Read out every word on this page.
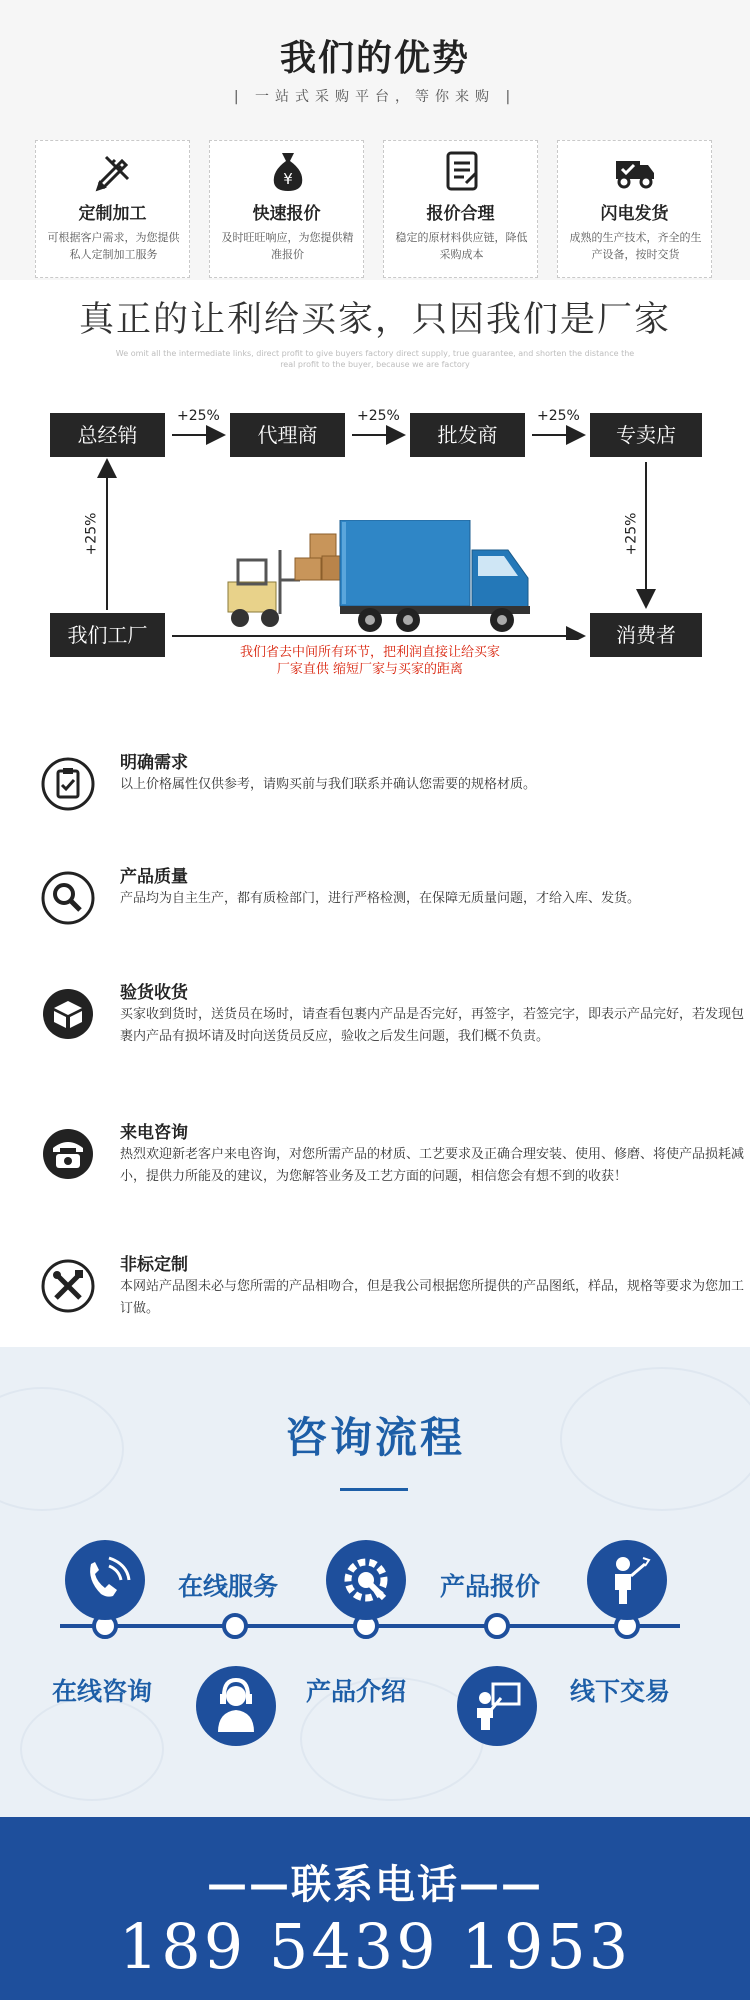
我们的优势
| 一站式采购平台，等你来购 |
定制加工
可根据客户需求，为您提供私人定制加工服务
¥
快速报价
及时旺旺响应，为您提供精准报价
报价合理
稳定的原材料供应链，降低采购成本
闪电发货
成熟的生产技术，齐全的生产设备，按时交货
真正的让利给买家，只因我们是厂家
We omit all the intermediate links, direct profit to give buyers factory direct supply, true guarantee, and shorten the distance the real profit to the buyer, because we are factory
总经销	代理商	批发商	专卖店
我们工厂	消费者
+25%	+25%	+25%
+25%	+25%
我们省去中间所有环节，把利润直接让给买家
厂家直供 缩短厂家与买家的距离
明确需求
以上价格属性仅供参考，请购买前与我们联系并确认您需要的规格材质。
产品质量
产品均为自主生产，都有质检部门，进行严格检测，在保障无质量问题，才给入库、发货。
验货收货
买家收到货时，送货员在场时，请查看包裹内产品是否完好，再签字，若签完字，即表示产品完好，若发现包裹内产品有损坏请及时向送货员反应，验收之后发生问题，我们概不负责。
来电咨询
热烈欢迎新老客户来电咨询，对您所需产品的材质、工艺要求及正确合理安装、使用、修磨、将使产品损耗减小，提供力所能及的建议，为您解答业务及工艺方面的问题，相信您会有想不到的收获！
非标定制
本网站产品图未必与您所需的产品相吻合，但是我公司根据您所提供的产品图纸，样品，规格等要求为您加工订做。
咨询流程
在线服务	产品报价
在线咨询	产品介绍	线下交易
——联系电话——
189 5439 1953
